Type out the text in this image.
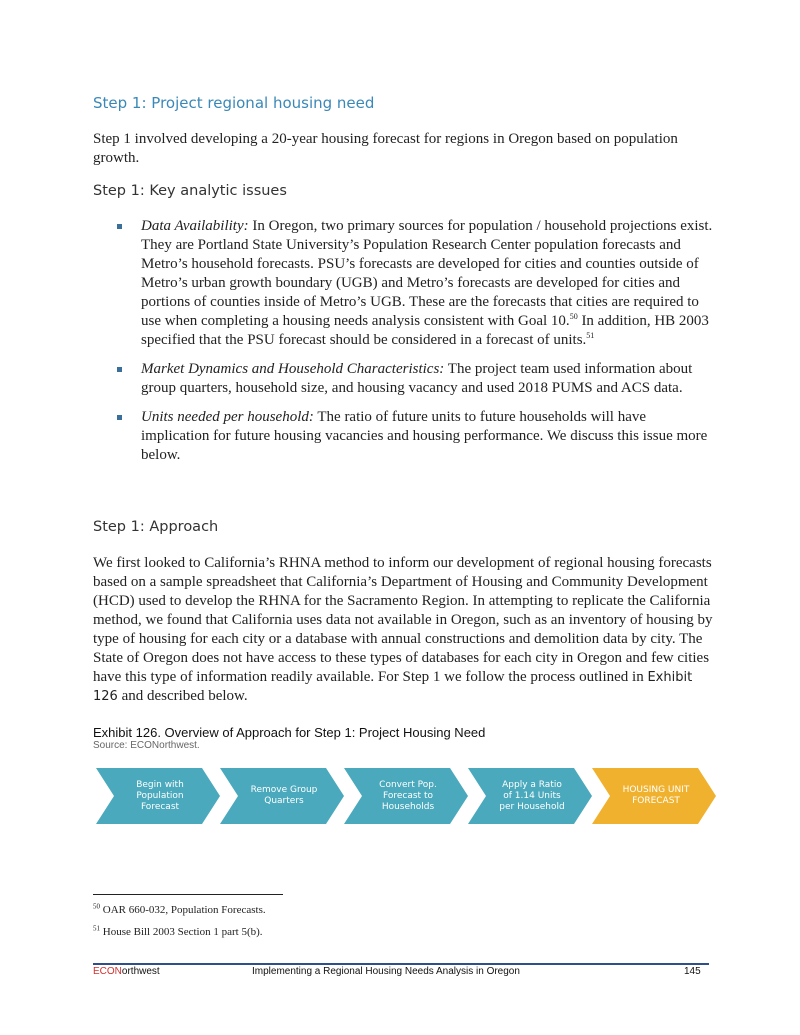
Step 1: Project regional housing need

Step 1 involved developing a 20-year housing forecast for regions in Oregon based on population growth.

Step 1: Key analytic issues
Data Availability: In Oregon, two primary sources for population / household projections exist. They are Portland State University’s Population Research Center population forecasts and Metro’s household forecasts. PSU’s forecasts are developed for cities and counties outside of Metro’s urban growth boundary (UGB) and Metro’s forecasts are developed for cities and portions of counties inside of Metro’s UGB. These are the forecasts that cities are required to use when completing a housing needs analysis consistent with Goal 10.50 In addition, HB 2003 specified that the PSU forecast should be considered in a forecast of units.$^{51}$
Market Dynamics and Household Characteristics: The project team used information about group quarters, household size, and housing vacancy and used 2018 PUMS and ACS data.
Units needed per household: The ratio of future units to future households will have implication for future housing vacancies and housing performance. We discuss this issue more below.
Step 1: Approach

We first looked to California’s RHNA method to inform our development of regional housing forecasts based on a sample spreadsheet that California’s Department of Housing and Community Development (HCD) used to develop the RHNA for the Sacramento Region. In attempting to replicate the California method, we found that California uses data not available in Oregon, such as an inventory of housing by type of housing for each city or a database with annual constructions and demolition data by city. The State of Oregon does not have access to these types of databases for each city in Oregon and few cities have this type of information readily available. For Step 1 we follow the process outlined in Exhibit 126 and described below.

Exhibit 126. Overview of Approach for Step 1: Project Housing Need
Source: ECONorthwest.
Begin with
Population
Forecast
Remove Group
Quarters
Convert Pop.
Forecast to
Households
Apply a Ratio
of 1.14 Units
per Household
HOUSING UNIT
FORECAST
$^{50}$ OAR 660-032, Population Forecasts.
$^{51}$ House Bill 2003 Section 1 part 5(b).
ECONorthwest	Implementing a Regional Housing Needs Analysis in Oregon	145
